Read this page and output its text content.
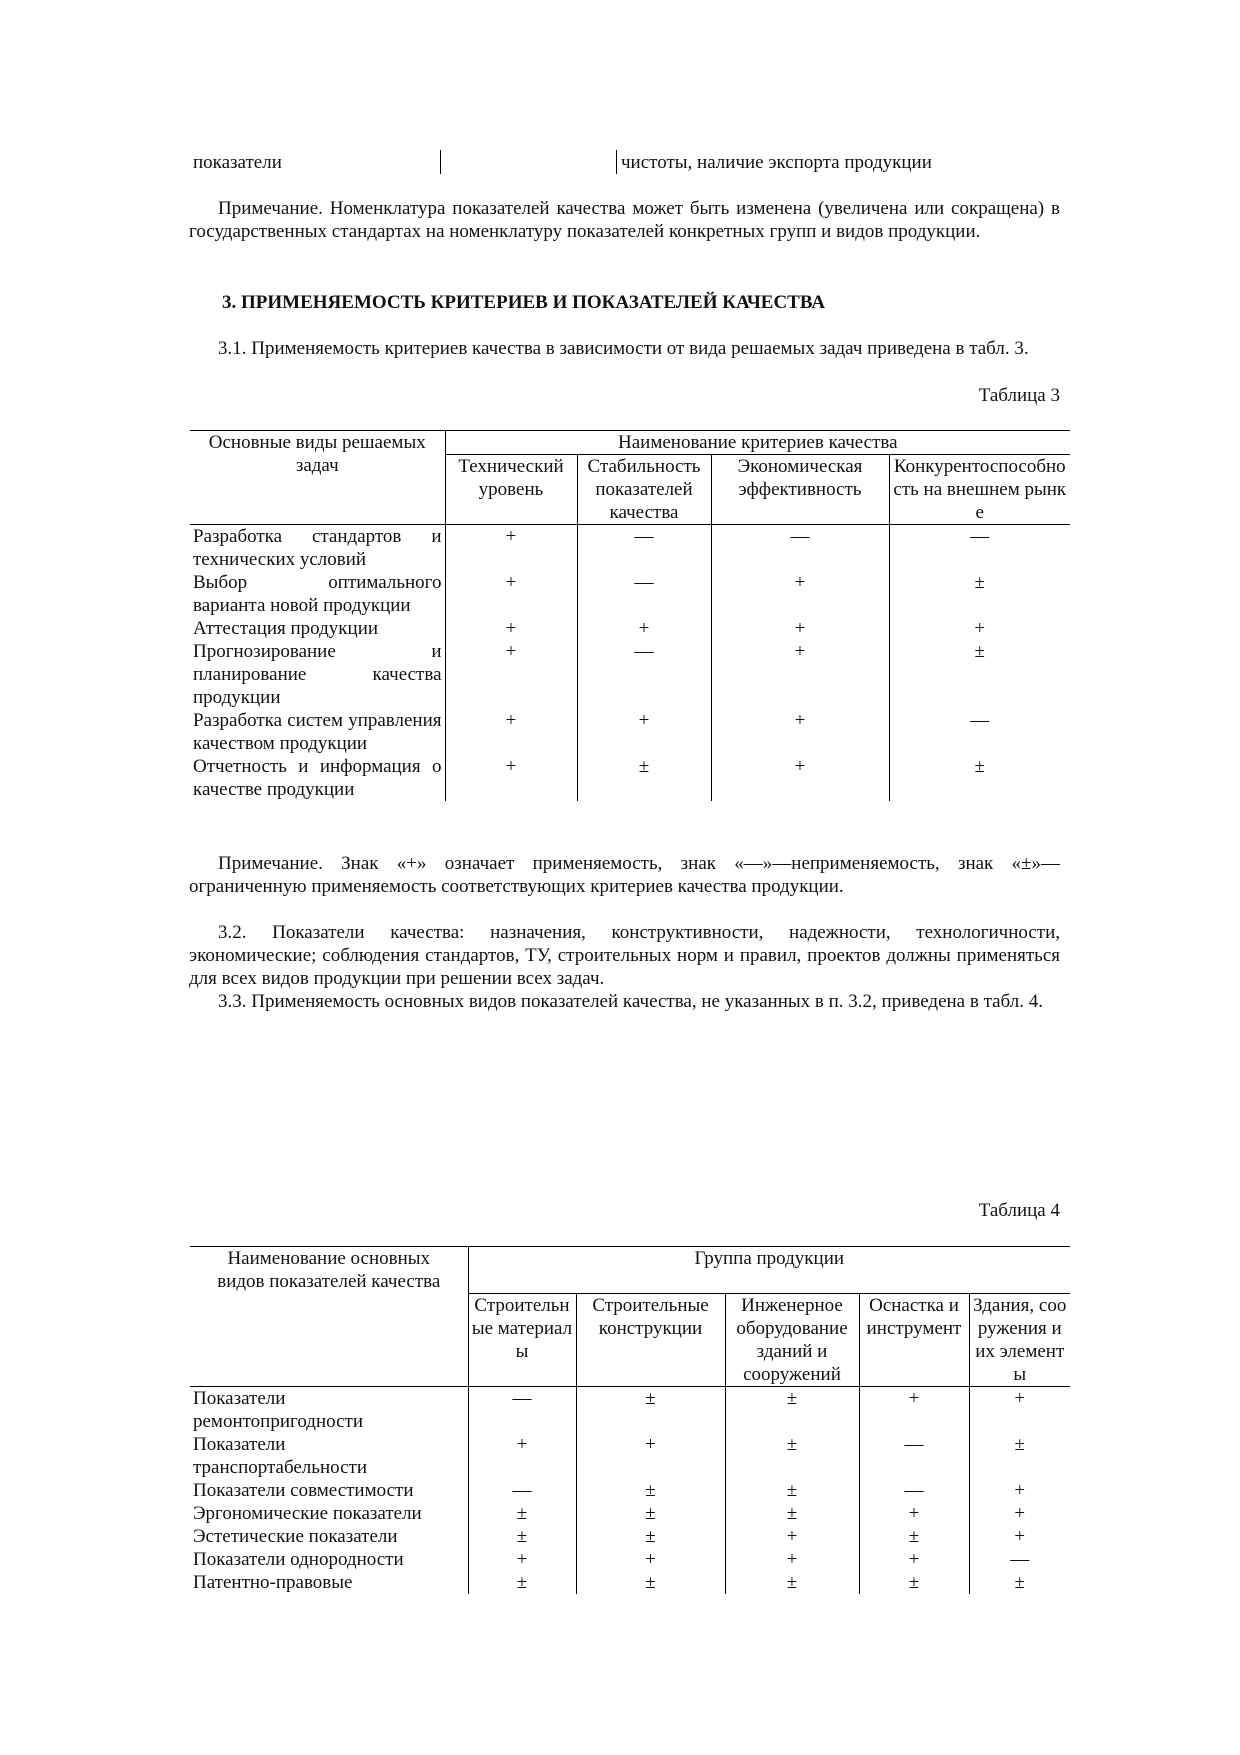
показатели	чистоты, наличие экспорта продукции

Примечание. Номенклатура показателей качества может быть изменена (увеличена или сокращена) в государственных стандартах на номенклатуру показателей конкретных групп и видов продукции.

3. ПРИМЕНЯЕМОСТЬ КРИТЕРИЕВ И ПОКАЗАТЕЛЕЙ КАЧЕСТВА

3.1. Применяемость критериев качества в зависимости от вида решаемых задач приведена в табл. 3.

Таблица 3
Основные виды решаемых задач	Наименование критериев качества			
	Технический уровень	Стабильность показателей качества	Экономическая эффективность	Конкурентоспособность на внешнем рынке
Разработка стандартов и технических условий	+	—	—	—
Выбор оптимального варианта новой продукции	+	—	+	±
Аттестация продукции	+	+	+	+
Прогнозирование и планирование качества продукции	+	—	+	±
Разработка систем управления качеством продукции	+	+	+	—
Отчетность и информация о качестве продукции	+	±	+	±

Примечание. Знак «+» означает применяемость, знак «—»—неприменяемость, знак «±»—ограниченную применяемость соответствующих критериев качества продукции.

3.2. Показатели качества: назначения, конструктивности, надежности, технологичности, экономические; соблюдения стандартов, ТУ, строительных норм и правил, проектов должны применяться для всех видов продукции при решении всех задач.

3.3. Применяемость основных видов показателей качества, не указанных в п. 3.2, приведена в табл. 4.

Таблица 4
Наименование основных видов показателей качества	Группа продукции				
	Строительные материалы	Строительные конструкции	Инженерное оборудование зданий и сооружений	Оснастка и инструмент	Здания, сооружения и их элементы
Показатели ремонтопригодности	—	±	±	+	+
Показатели транспортабельности	+	+	±	—	±
Показатели совместимости	—	±	±	—	+
Эргономические показатели	±	±	±	+	+
Эстетические показатели	±	±	+	±	+
Показатели однородности	+	+	+	+	—
Патентно-правовые	±	±	±	±	±
